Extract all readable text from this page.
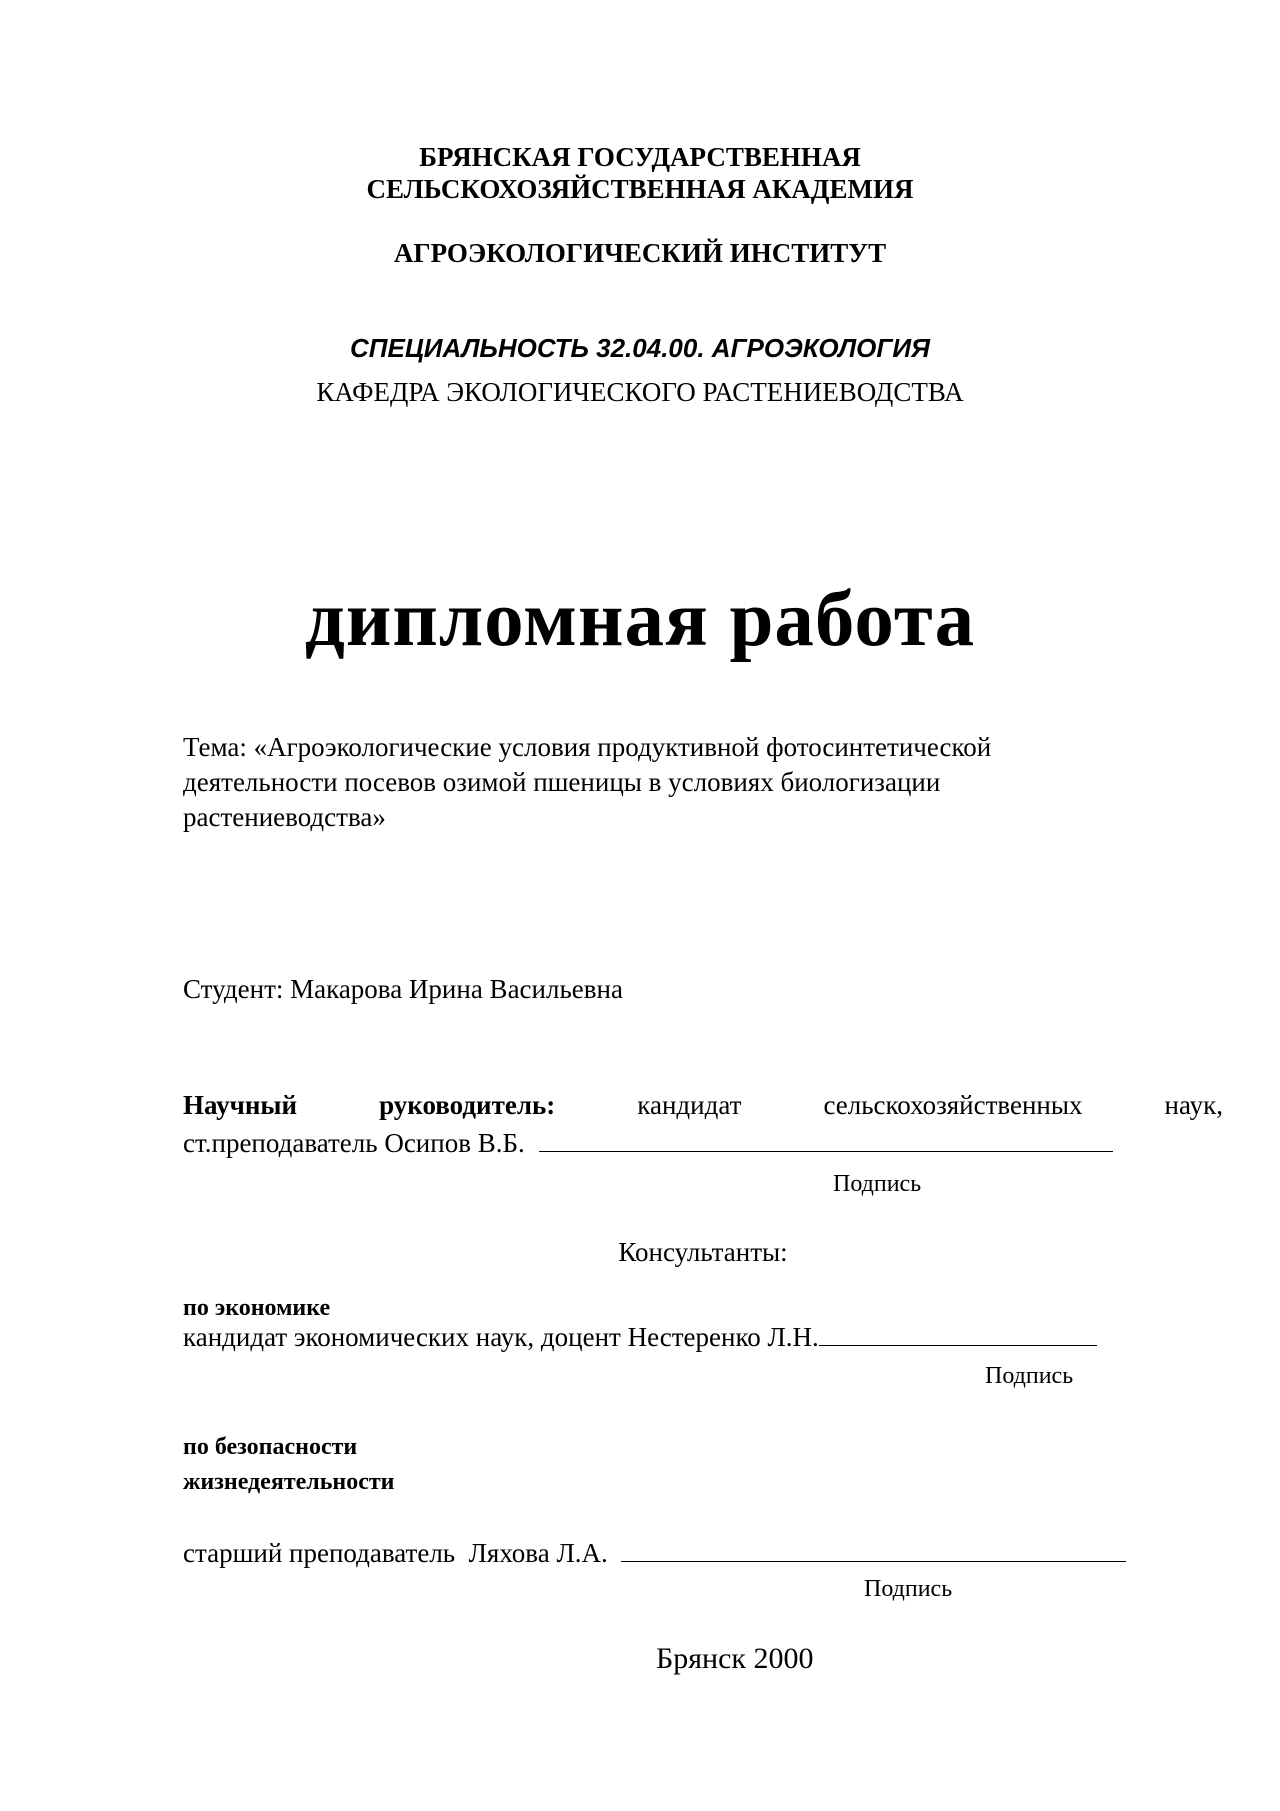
БРЯНСКАЯ ГОСУДАРСТВЕННАЯ
СЕЛЬСКОХОЗЯЙСТВЕННАЯ АКАДЕМИЯ
АГРОЭКОЛОГИЧЕСКИЙ ИНСТИТУТ
СПЕЦИАЛЬНОСТЬ 32.04.00. АГРОЭКОЛОГИЯ
КАФЕДРА ЭКОЛОГИЧЕСКОГО РАСТЕНИЕВОДСТВА
дипломная работа
Тема: «Агроэкологические условия продуктивной фотосинтетической деятельности посевов озимой пшеницы в условиях биологизации растениеводства»
Студент: Макарова Ирина Васильевна
Научный	руководитель:	кандидат	сельскохозяйственных	наук,
ст.преподаватель Осипов В.Б.
Подпись
Консультанты:
по экономике
кандидат экономических наук, доцент Нестеренко Л.Н.
Подпись
по безопасности
жизнедеятельности
старший преподаватель  Ляхова Л.А.
Подпись
Брянск 2000
